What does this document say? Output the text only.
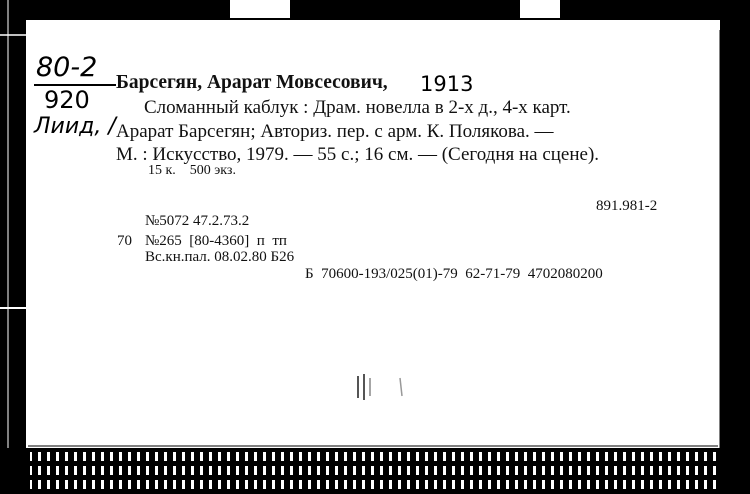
80-2
920
Лиид, /
1913
Барсегян, Арарат Мовсесович,
Сломанный каблук : Драм. новелла в 2-х д., 4-х карт.
Арарат Барсегян; Авториз. пер. с арм. К. Полякова. —
М. : Искусство, 1979. — 55 с.; 16 см. — (Сегодня на сцене).
15 к.    500 экз.
891.981-2
№5072 47.2.73.2
70 №265  [80-4360]  п  тп
Вс.кн.пал. 08.02.80 Б26
Б  70600-193/025(01)-79  62-71-79  4702080200
